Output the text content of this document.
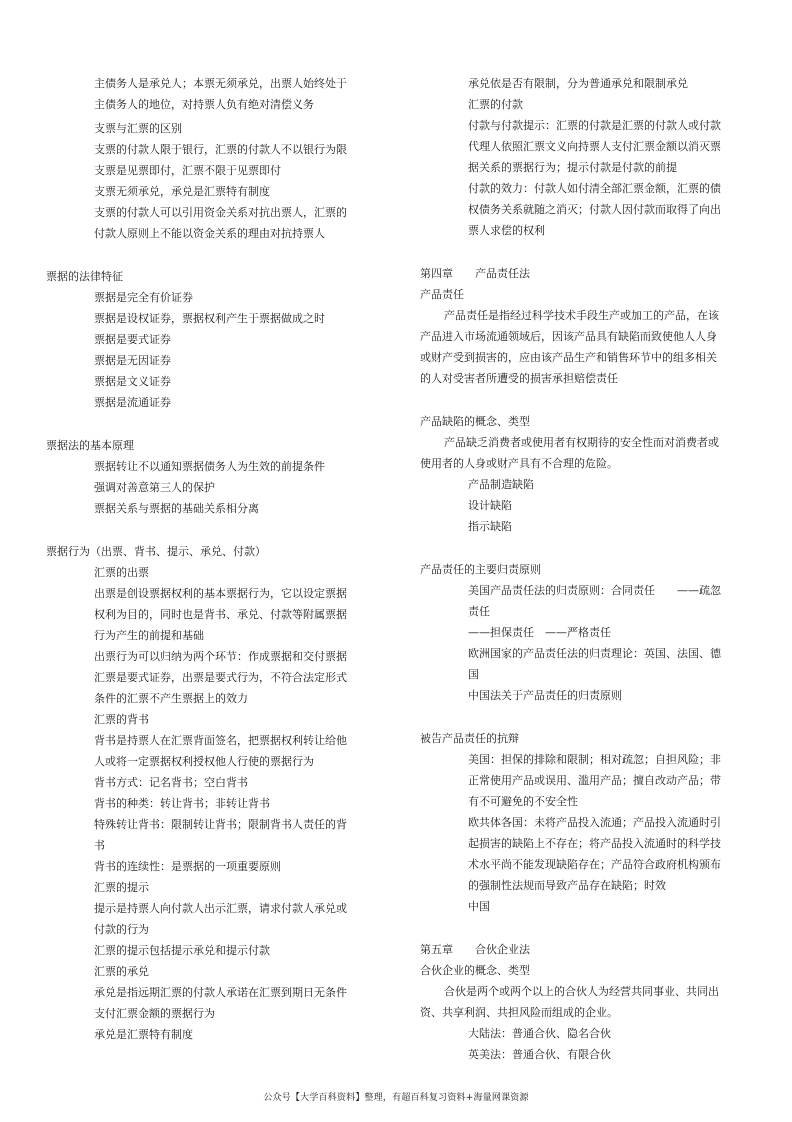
主债务人是承兑人；本票无须承兑，出票人始终处于

主债务人的地位，对持票人负有绝对清偿义务

支票与汇票的区别

支票的付款人限于银行，汇票的付款人不以银行为限

支票是见票即付，汇票不限于见票即付

支票无须承兑，承兑是汇票特有制度

支票的付款人可以引用资金关系对抗出票人，汇票的

付款人原则上不能以资金关系的理由对抗持票人

票据的法律特征

票据是完全有价证券

票据是设权证券，票据权利产生于票据做成之时

票据是要式证券

票据是无因证券

票据是文义证券

票据是流通证券

票据法的基本原理

票据转让不以通知票据债务人为生效的前提条件

强调对善意第三人的保护

票据关系与票据的基础关系相分离

票据行为（出票、背书、提示、承兑、付款）

汇票的出票

出票是创设票据权利的基本票据行为，它以设定票据

权利为目的，同时也是背书、承兑、付款等附属票据

行为产生的前提和基础

出票行为可以归纳为两个环节：作成票据和交付票据

汇票是要式证券，出票是要式行为，不符合法定形式

条件的汇票不产生票据上的效力

汇票的背书

背书是持票人在汇票背面签名，把票据权利转让给他

人或将一定票据权利授权他人行使的票据行为

背书方式：记名背书；空白背书

背书的种类：转让背书；非转让背书

特殊转让背书：限制转让背书；限制背书人责任的背

书

背书的连续性：是票据的一项重要原则

汇票的提示

提示是持票人向付款人出示汇票，请求付款人承兑或

付款的行为

汇票的提示包括提示承兑和提示付款

汇票的承兑

承兑是指远期汇票的付款人承诺在汇票到期日无条件

支付汇票金额的票据行为

承兑是汇票特有制度

承兑依是否有限制，分为普通承兑和限制承兑

汇票的付款

付款与付款提示：汇票的付款是汇票的付款人或付款

代理人依照汇票文义向持票人支付汇票金额以消灭票

据关系的票据行为；提示付款是付款的前提

付款的效力：付款人如付清全部汇票金额，汇票的债

权债务关系就随之消灭；付款人因付款而取得了向出

票人求偿的权利

第四章　　产品责任法

产品责任

产品责任是指经过科学技术手段生产或加工的产品，在该

产品进入市场流通领域后，因该产品具有缺陷而致使他人人身

或财产受到损害的，应由该产品生产和销售环节中的组多相关

的人对受害者所遭受的损害承担赔偿责任

产品缺陷的概念、类型

产品缺乏消费者或使用者有权期待的安全性而对消费者或

使用者的人身或财产具有不合理的危险。

产品制造缺陷

设计缺陷

指示缺陷

产品责任的主要归责原则

美国产品责任法的归责原则：合同责任　　——疏忽责任

——担保责任　——严格责任

欧洲国家的产品责任法的归责理论：英国、法国、德

国

中国法关于产品责任的归责原则

被告产品责任的抗辩

美国：担保的排除和限制；相对疏忽；自担风险；非

正常使用产品或误用、滥用产品；擅自改动产品；带

有不可避免的不安全性

欧共体各国：未将产品投入流通；产品投入流通时引

起损害的缺陷上不存在；将产品投入流通时的科学技

术水平尚不能发现缺陷存在；产品符合政府机构颁布

的强制性法规而导致产品存在缺陷；时效

中国

第五章　　合伙企业法

合伙企业的概念、类型

合伙是两个或两个以上的合伙人为经营共同事业、共同出

资、共享利润、共担风险而组成的企业。

大陆法：普通合伙、隐名合伙

英美法：普通合伙、有限合伙

公众号【大学百科资料】整理，有超百科复习资料+海量网课资源
